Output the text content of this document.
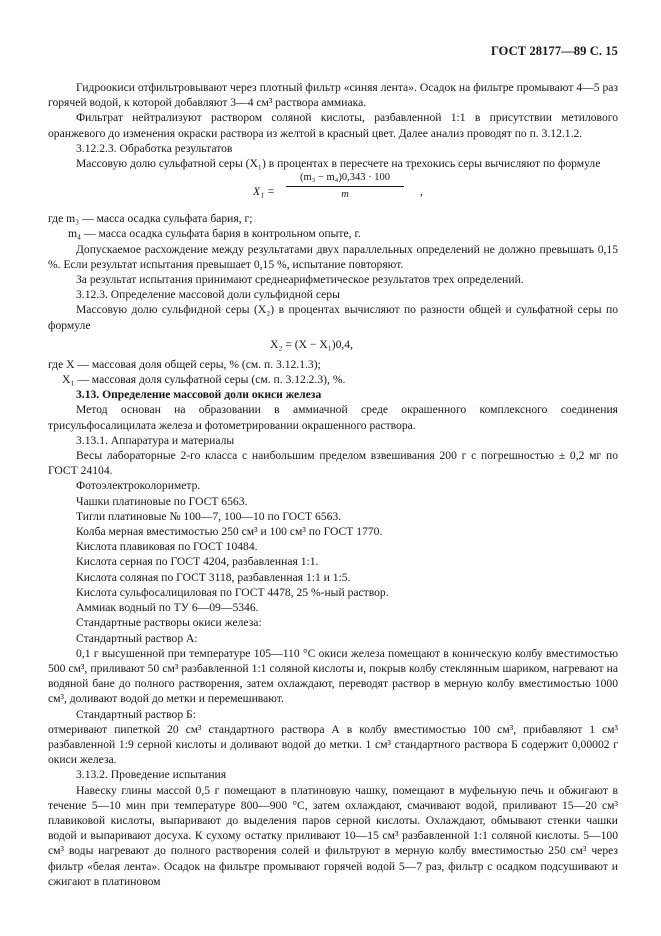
ГОСТ 28177—89 С. 15

Гидроокиси отфильтровывают через плотный фильтр «синяя лента». Осадок на фильтре промывают 4—5 раз горячей водой, к которой добавляют 3—4 см³ раствора аммиака.

Фильтрат нейтрализуют раствором соляной кислоты, разбавленной 1:1 в присутствии метилового оранжевого до изменения окраски раствора из желтой в красный цвет. Далее анализ проводят по п. 3.12.1.2.

3.12.2.3. Обработка результатов

Массовую долю сульфатной серы (X₁) в процентах в пересчете на трехокись серы вычисляют по формуле

$X_1 = \frac{\text{(m₃ − m₄)0,343 · 100}}{m}$ ,

где m₃ — масса осадка сульфата бария, г;

m₄ — масса осадка сульфата бария в контрольном опыте, г.

Допускаемое расхождение между результатами двух параллельных определений не должно превышать 0,15 %. Если результат испытания превышает 0,15 %, испытание повторяют.

За результат испытания принимают среднеарифметическое результатов трех определений.

3.12.3. Определение массовой доли сульфидной серы

Массовую долю сульфидной серы (X₂) в процентах вычисляют по разности общей и сульфатной серы по формуле

X₂ = (X − X₁)0,4,

где X — массовая доля общей серы, % (см. п. 3.12.1.3);

X₁ — массовая доля сульфатной серы (см. п. 3.12.2.3), %.

3.13. Определение массовой доли окиси железа

Метод основан на образовании в аммиачной среде окрашенного комплексного соединения трисульфосалицилата железа и фотометрировании окрашенного раствора.

3.13.1. Аппаратура и материалы

Весы лабораторные 2-го класса с наибольшим пределом взвешивания 200 г с погрешностью ± 0,2 мг по ГОСТ 24104.

Фотоэлектроколориметр.

Чашки платиновые по ГОСТ 6563.

Тигли платиновые № 100—7, 100—10 по ГОСТ 6563.

Колба мерная вместимостью 250 см³ и 100 см³ по ГОСТ 1770.

Кислота плавиковая по ГОСТ 10484.

Кислота серная по ГОСТ 4204, разбавленная 1:1.

Кислота соляная по ГОСТ 3118, разбавленная 1:1 и 1:5.

Кислота сульфосалициловая по ГОСТ 4478, 25 %-ный раствор.

Аммиак водный по ТУ 6—09—5346.

Стандартные растворы окиси железа:

Стандартный раствор А:

0,1 г высушенной при температуре 105—110 °С окиси железа помещают в коническую колбу вместимостью 500 см³, приливают 50 см³ разбавленной 1:1 соляной кислоты и, покрыв колбу стеклянным шариком, нагревают на водяной бане до полного растворения, затем охлаждают, переводят раствор в мерную колбу вместимостью 1000 см³, доливают водой до метки и перемешивают.

Стандартный раствор Б:

отмеривают пипеткой 20 см³ стандартного раствора А в колбу вместимостью 100 см³, прибавляют 1 см³ разбавленной 1:9 серной кислоты и доливают водой до метки. 1 см³ стандартного раствора Б содержит 0,00002 г окиси железа.

3.13.2. Проведение испытания

Навеску глины массой 0,5 г помещают в платиновую чашку, помещают в муфельную печь и обжигают в течение 5—10 мин при температуре 800—900 °С, затем охлаждают, смачивают водой, приливают 15—20 см³ плавиковой кислоты, выпаривают до выделения паров серной кислоты. Охлаждают, обмывают стенки чашки водой и выпаривают досуха. К сухому остатку приливают 10—15 см³ разбавленной 1:1 соляной кислоты. 5—100 см³ воды нагревают до полного растворения солей и фильтруют в мерную колбу вместимостью 250 см³ через фильтр «белая лента». Осадок на фильтре промывают горячей водой 5—7 раз, фильтр с осадком подсушивают и сжигают в платиновом
